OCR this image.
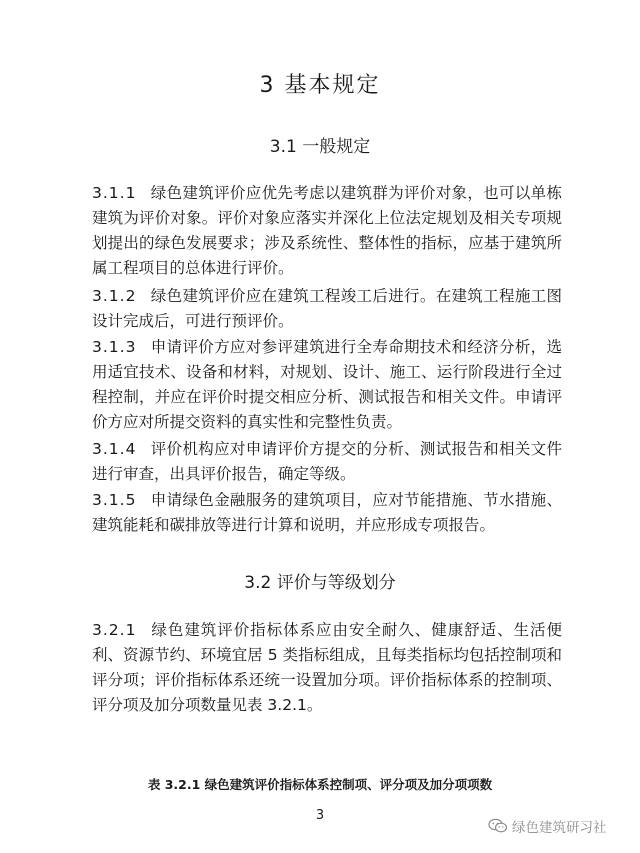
3 基本规定
3.1 一般规定
3.1.1 绿色建筑评价应优先考虑以建筑群为评价对象，也可以单栋建筑为评价对象。评价对象应落实并深化上位法定规划及相关专项规划提出的绿色发展要求；涉及系统性、整体性的指标，应基于建筑所属工程项目的总体进行评价。
3.1.2 绿色建筑评价应在建筑工程竣工后进行。在建筑工程施工图设计完成后，可进行预评价。
3.1.3 申请评价方应对参评建筑进行全寿命期技术和经济分析，选用适宜技术、设备和材料，对规划、设计、施工、运行阶段进行全过程控制，并应在评价时提交相应分析、测试报告和相关文件。申请评价方应对所提交资料的真实性和完整性负责。
3.1.4 评价机构应对申请评价方提交的分析、测试报告和相关文件进行审查，出具评价报告，确定等级。
3.1.5 申请绿色金融服务的建筑项目，应对节能措施、节水措施、建筑能耗和碳排放等进行计算和说明，并应形成专项报告。
3.2 评价与等级划分
3.2.1 绿色建筑评价指标体系应由安全耐久、健康舒适、生活便利、资源节约、环境宜居 5 类指标组成，且每类指标均包括控制项和评分项；评价指标体系还统一设置加分项。评价指标体系的控制项、评分项及加分项数量见表 3.2.1。
表 3.2.1 绿色建筑评价指标体系控制项、评分项及加分项项数
3
绿色建筑研习社
